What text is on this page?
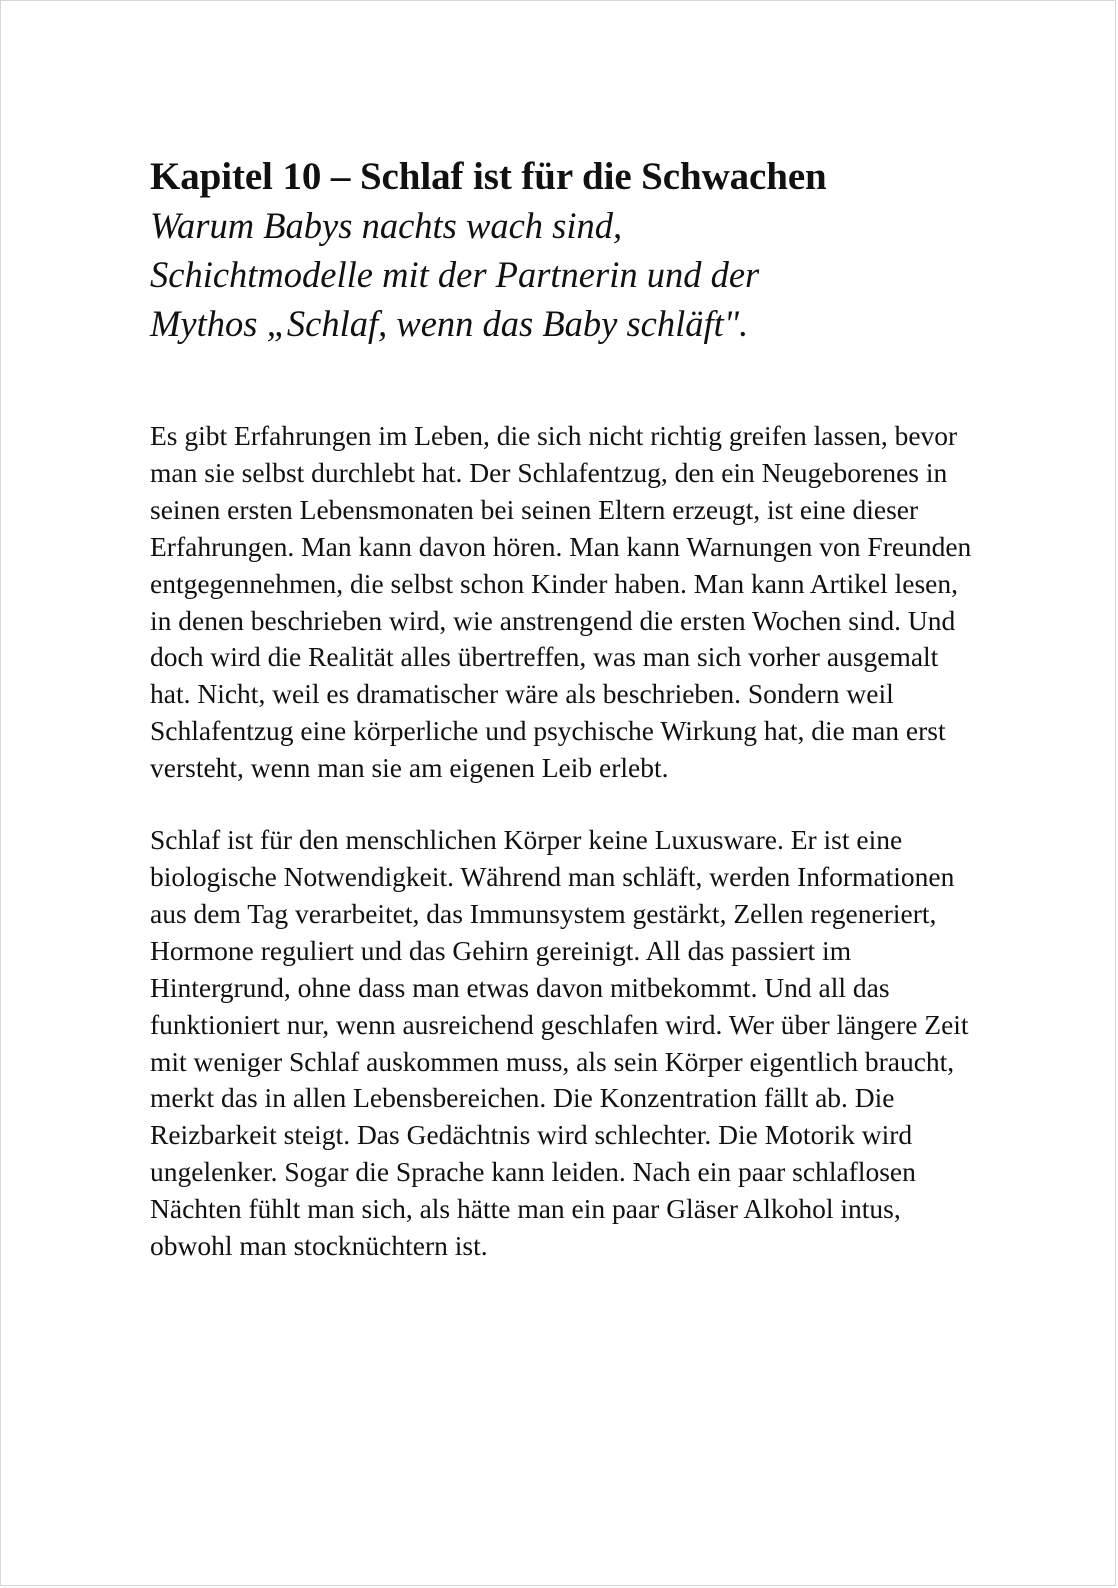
Kapitel 10 – Schlaf ist für die Schwachen
Warum Babys nachts wach sind,
Schichtmodelle mit der Partnerin und der
Mythos „Schlaf, wenn das Baby schläft".

Es gibt Erfahrungen im Leben, die sich nicht richtig greifen lassen, bevor man sie selbst durchlebt hat. Der Schlafentzug, den ein Neugeborenes in seinen ersten Lebensmonaten bei seinen Eltern erzeugt, ist eine dieser Erfahrungen. Man kann davon hören. Man kann Warnungen von Freunden entgegennehmen, die selbst schon Kinder haben. Man kann Artikel lesen, in denen beschrieben wird, wie anstrengend die ersten Wochen sind. Und doch wird die Realität alles übertreffen, was man sich vorher ausgemalt hat. Nicht, weil es dramatischer wäre als beschrieben. Sondern weil Schlafentzug eine körperliche und psychische Wirkung hat, die man erst versteht, wenn man sie am eigenen Leib erlebt.

Schlaf ist für den menschlichen Körper keine Luxusware. Er ist eine biologische Notwendigkeit. Während man schläft, werden Informationen aus dem Tag verarbeitet, das Immunsystem gestärkt, Zellen regeneriert, Hormone reguliert und das Gehirn gereinigt. All das passiert im Hintergrund, ohne dass man etwas davon mitbekommt. Und all das funktioniert nur, wenn ausreichend geschlafen wird. Wer über längere Zeit mit weniger Schlaf auskommen muss, als sein Körper eigentlich braucht, merkt das in allen Lebensbereichen. Die Konzentration fällt ab. Die Reizbarkeit steigt. Das Gedächtnis wird schlechter. Die Motorik wird ungelenker. Sogar die Sprache kann leiden. Nach ein paar schlaflosen Nächten fühlt man sich, als hätte man ein paar Gläser Alkohol intus, obwohl man stocknüchtern ist.
